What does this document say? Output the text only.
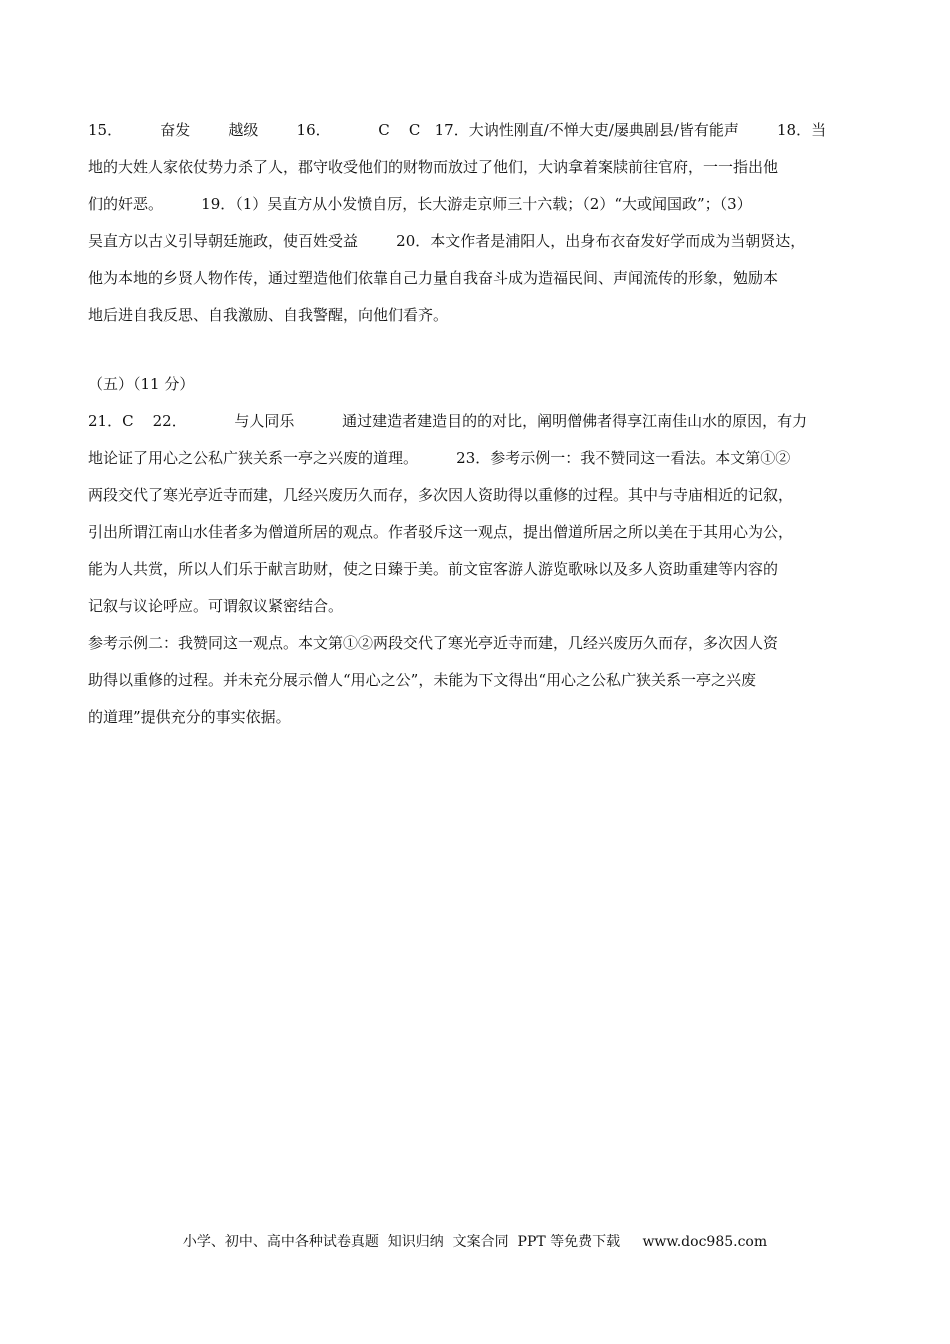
15．        奋发        越级        16．          C    C   17．大讷性刚直/不惮大吏/屡典剧县/皆有能声        18．当
地的大姓人家依仗势力杀了人，郡守收受他们的财物而放过了他们，大讷拿着案牍前往官府，一一指出他
们的奸恶。        19．（1）吴直方从小发愤自厉，长大游走京师三十六载；（2）“大或闻国政”；（3）
吴直方以古义引导朝廷施政，使百姓受益        20．本文作者是浦阳人，出身布衣奋发好学而成为当朝贤达，
他为本地的乡贤人物作传，通过塑造他们依靠自己力量自我奋斗成为造福民间、声闻流传的形象，勉励本
地后进自我反思、自我激励、自我警醒，向他们看齐。
（五）（11 分）
21．C    22．          与人同乐          通过建造者建造目的的对比，阐明僧佛者得享江南佳山水的原因，有力
地论证了用心之公私广狭关系一亭之兴废的道理。        23．参考示例一：我不赞同这一看法。本文第①②
两段交代了寒光亭近寺而建，几经兴废历久而存，多次因人资助得以重修的过程。其中与寺庙相近的记叙，
引出所谓江南山水佳者多为僧道所居的观点。作者驳斥这一观点，提出僧道所居之所以美在于其用心为公，
能为人共赏，所以人们乐于献言助财，使之日臻于美。前文宦客游人游览歌咏以及多人资助重建等内容的
记叙与议论呼应。可谓叙议紧密结合。
参考示例二：我赞同这一观点。本文第①②两段交代了寒光亭近寺而建，几经兴废历久而存，多次因人资
助得以重修的过程。并未充分展示僧人“用心之公”，未能为下文得出“用心之公私广狭关系一亭之兴废
的道理”提供充分的事实依据。
小学、初中、高中各种试卷真题  知识归纳  文案合同  PPT 等免费下载     www.doc985.com
